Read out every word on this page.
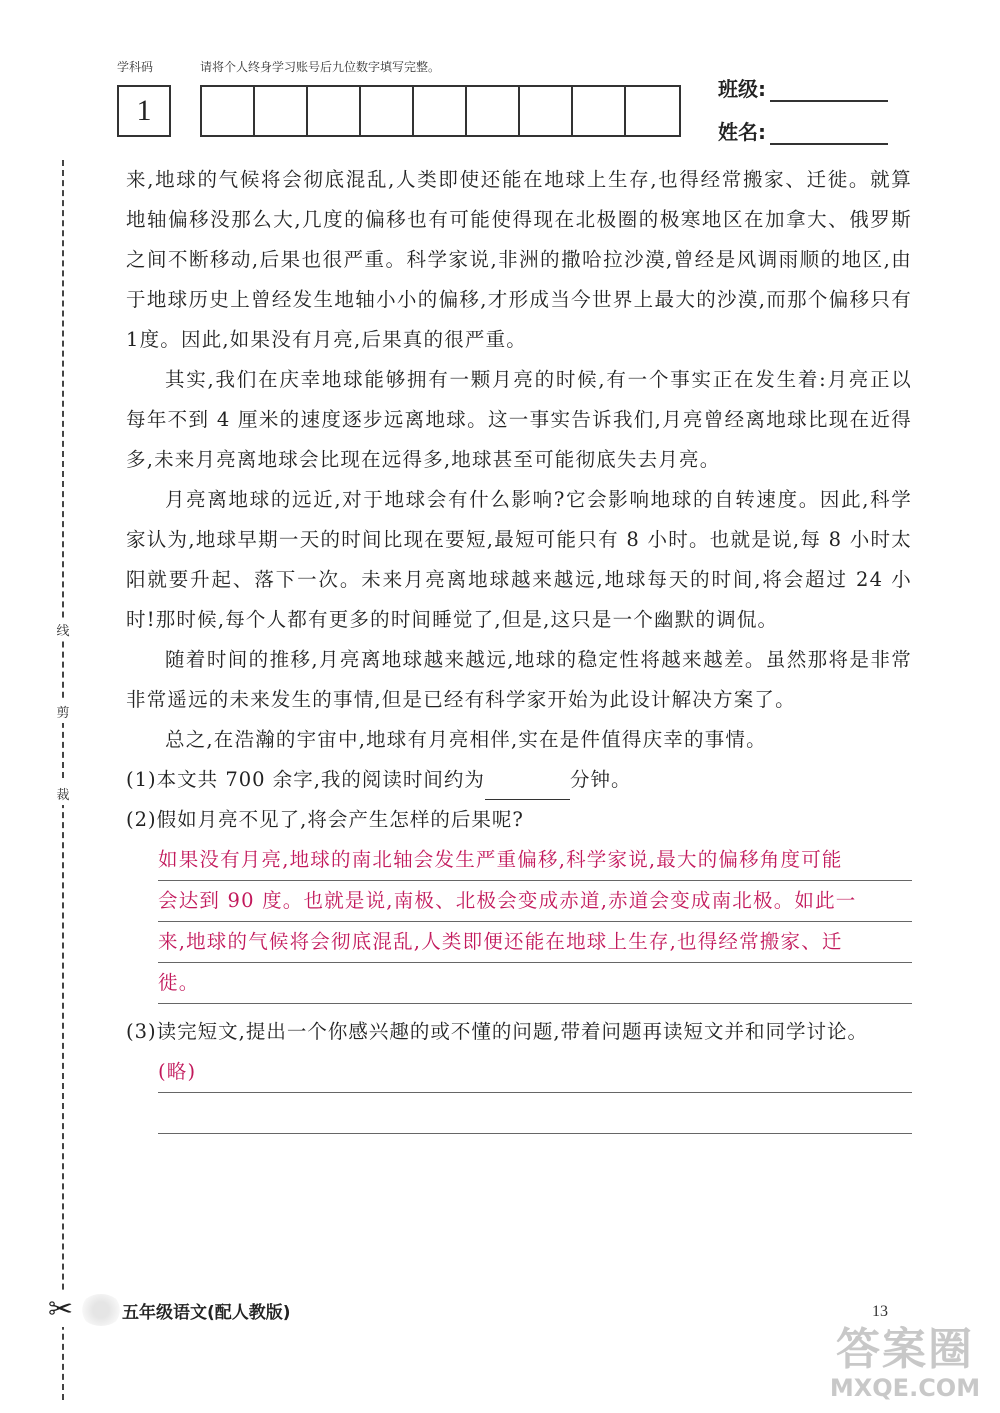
学科码	请将个人终身学习账号后九位数字填写完整。
1
班级:
姓名:
线
剪
裁
✂

来,地球的气候将会彻底混乱,人类即使还能在地球上生存,也得经常搬家、迁徙。就算地轴偏移没那么大,几度的偏移也有可能使得现在北极圈的极寒地区在加拿大、俄罗斯之间不断移动,后果也很严重。科学家说,非洲的撒哈拉沙漠,曾经是风调雨顺的地区,由于地球历史上曾经发生地轴小小的偏移,才形成当今世界上最大的沙漠,而那个偏移只有1度。因此,如果没有月亮,后果真的很严重。

其实,我们在庆幸地球能够拥有一颗月亮的时候,有一个事实正在发生着:月亮正以每年不到 4 厘米的速度逐步远离地球。这一事实告诉我们,月亮曾经离地球比现在近得多,未来月亮离地球会比现在远得多,地球甚至可能彻底失去月亮。

月亮离地球的远近,对于地球会有什么影响?它会影响地球的自转速度。因此,科学家认为,地球早期一天的时间比现在要短,最短可能只有 8 小时。也就是说,每 8 小时太阳就要升起、落下一次。未来月亮离地球越来越远,地球每天的时间,将会超过 24 小时!那时候,每个人都有更多的时间睡觉了,但是,这只是一个幽默的调侃。

随着时间的推移,月亮离地球越来越远,地球的稳定性将越来越差。虽然那将是非常非常遥远的未来发生的事情,但是已经有科学家开始为此设计解决方案了。

总之,在浩瀚的宇宙中,地球有月亮相伴,实在是件值得庆幸的事情。

(1)本文共 700 余字,我的阅读时间约为	分钟。

(2)假如月亮不见了,将会产生怎样的后果呢?

如果没有月亮,地球的南北轴会发生严重偏移,科学家说,最大的偏移角度可能
会达到 90 度。也就是说,南极、北极会变成赤道,赤道会变成南北极。如此一
来,地球的气候将会彻底混乱,人类即便还能在地球上生存,也得经常搬家、迁
徙。

(3)读完短文,提出一个你感兴趣的或不懂的问题,带着问题再读短文并和同学讨论。

(略)
五年级语文(配人教版)	13
答案圈
MXQE.COM
